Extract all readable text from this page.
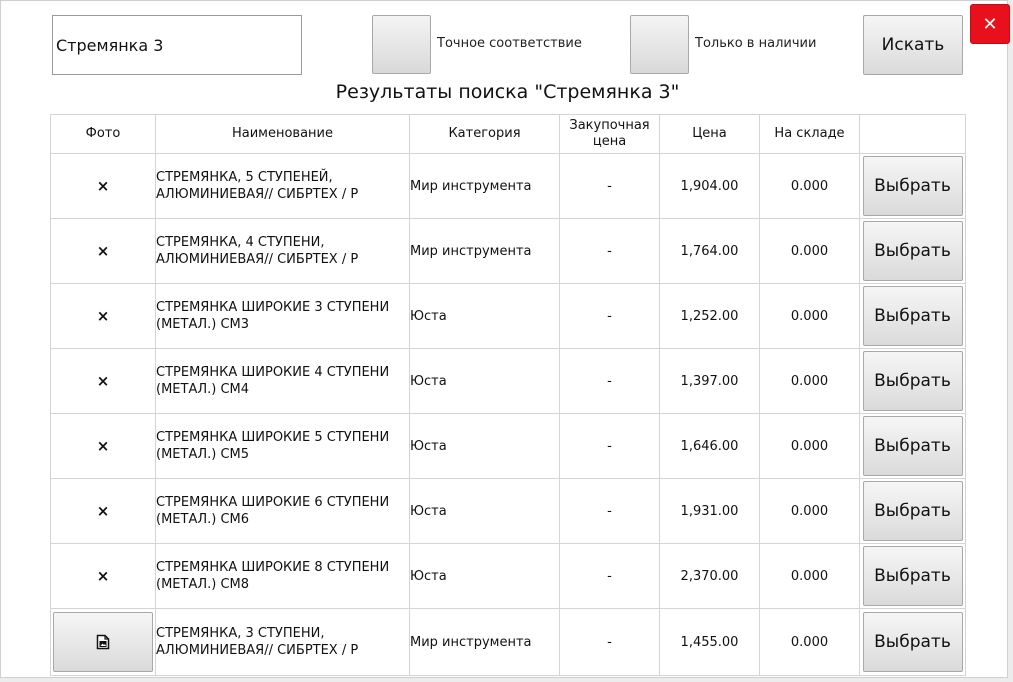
Стремянка 3
Точное соответствие	Только в наличии	Искать
Результаты поиска "Стремянка 3"
Фото	Наименование	Категория	Закупочная цена	Цена	На складе	
×	СТРЕМЯНКА, 5 СТУПЕНЕЙ, АЛЮМИНИЕВАЯ// СИБРТЕХ / Р	Мир инструмента	-	1,904.00	0.000	Выбрать

×	СТРЕМЯНКА, 4 СТУПЕНИ, АЛЮМИНИЕВАЯ// СИБРТЕХ / Р	Мир инструмента	-	1,764.00	0.000	Выбрать

×	СТРЕМЯНКА ШИРОКИЕ 3 СТУПЕНИ (МЕТАЛ.) СМ3	Юста	-	1,252.00	0.000	Выбрать

×	СТРЕМЯНКА ШИРОКИЕ 4 СТУПЕНИ (МЕТАЛ.) СМ4	Юста	-	1,397.00	0.000	Выбрать

×	СТРЕМЯНКА ШИРОКИЕ 5 СТУПЕНИ (МЕТАЛ.) СМ5	Юста	-	1,646.00	0.000	Выбрать

×	СТРЕМЯНКА ШИРОКИЕ 6 СТУПЕНИ (МЕТАЛ.) СМ6	Юста	-	1,931.00	0.000	Выбрать

×	СТРЕМЯНКА ШИРОКИЕ 8 СТУПЕНИ (МЕТАЛ.) СМ8	Юста	-	2,370.00	0.000	Выбрать

	СТРЕМЯНКА, 3 СТУПЕНИ, АЛЮМИНИЕВАЯ// СИБРТЕХ / Р	Мир инструмента	-	1,455.00	0.000	Выбрать
✕
